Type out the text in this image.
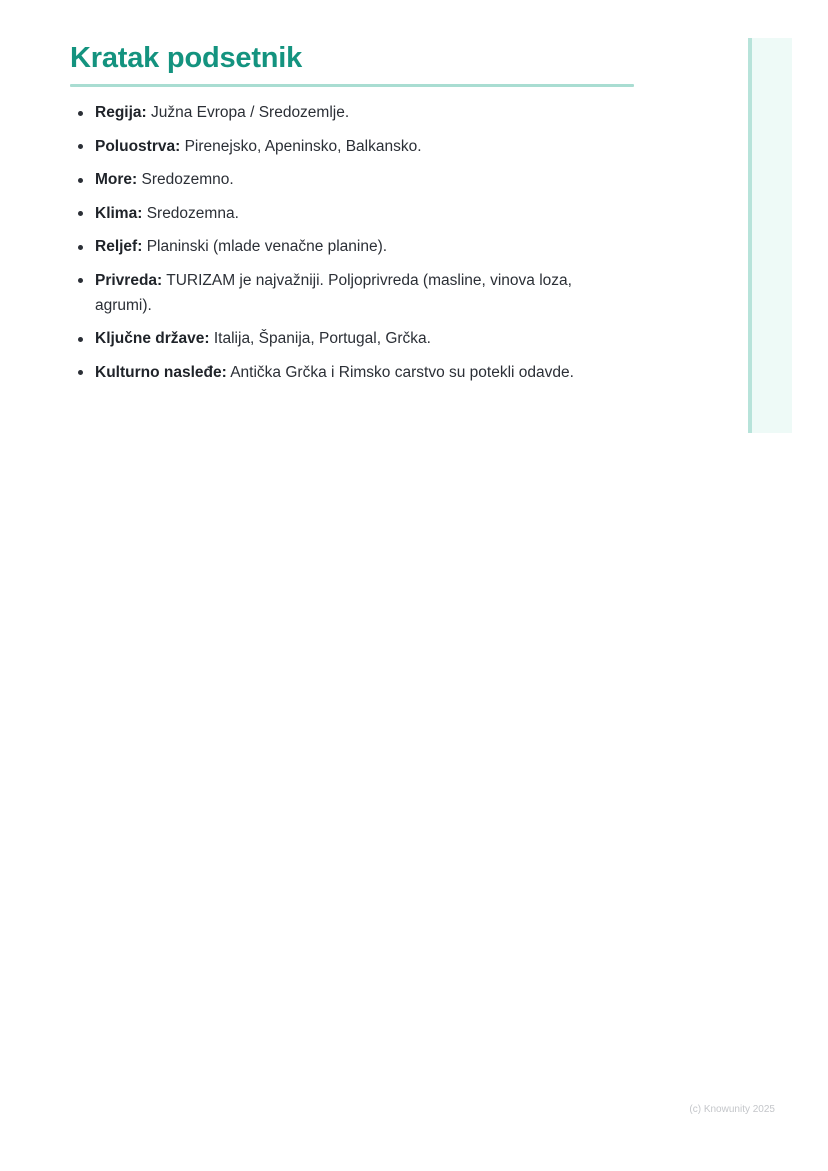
Kratak podsetnik
Regija: Južna Evropa / Sredozemlje.
Poluostrva: Pirenejsko, Apeninsko, Balkansko.
More: Sredozemno.
Klima: Sredozemna.
Reljef: Planinski (mlade venačne planine).
Privreda: TURIZAM je najvažniji. Poljoprivreda (masline, vinova loza, agrumi).
Ključne države: Italija, Španija, Portugal, Grčka.
Kulturno nasleđe: Antička Grčka i Rimsko carstvo su potekli odavde.
(c) Knowunity 2025
